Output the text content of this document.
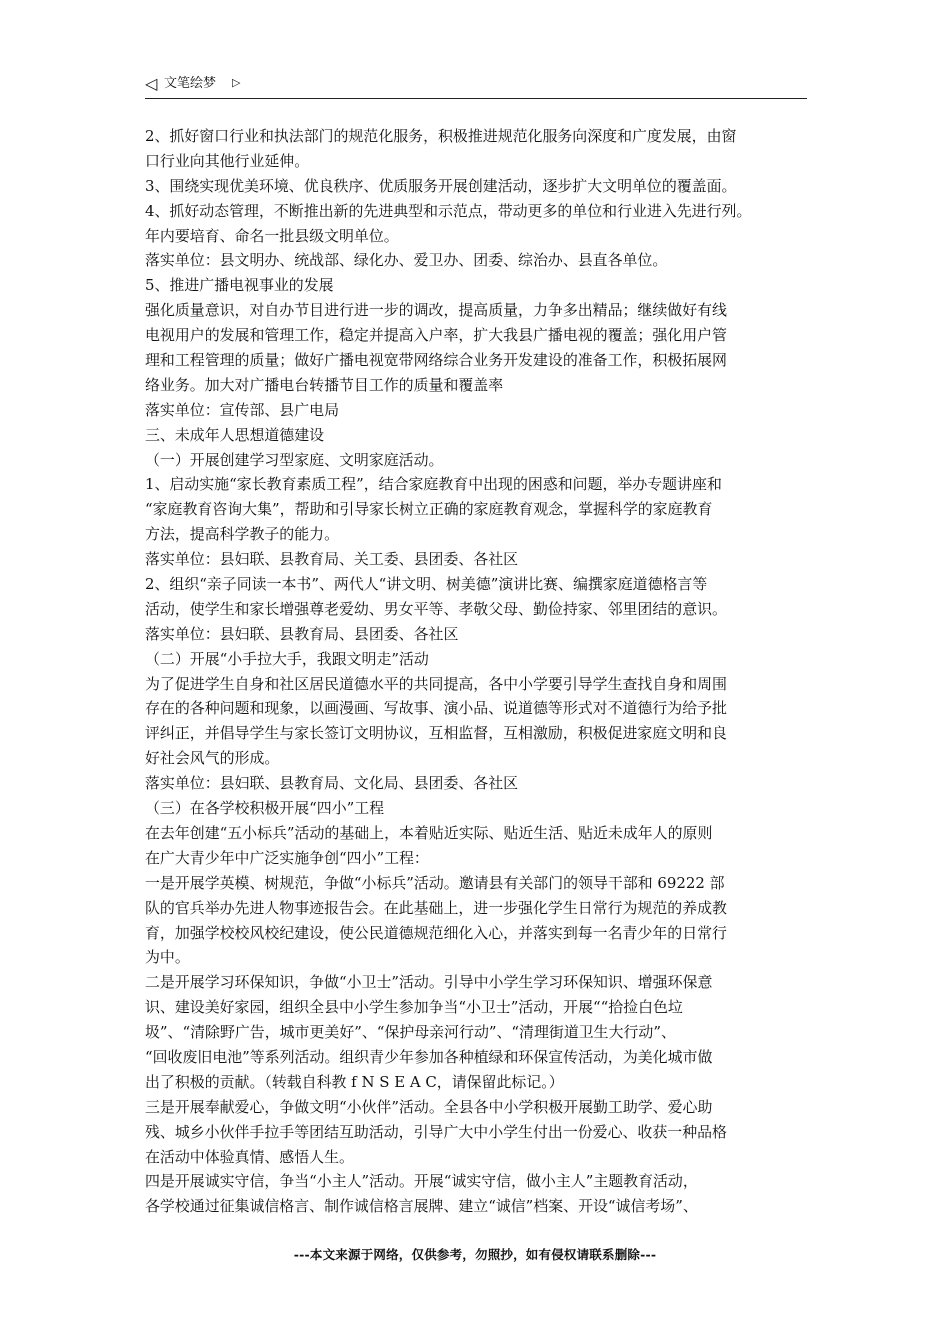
◁ 文笔绘梦 ▷
2、抓好窗口行业和执法部门的规范化服务，积极推进规范化服务向深度和广度发展，由窗
口行业向其他行业延伸。
3、围绕实现优美环境、优良秩序、优质服务开展创建活动，逐步扩大文明单位的覆盖面。
4、抓好动态管理，不断推出新的先进典型和示范点，带动更多的单位和行业进入先进行列。
年内要培育、命名一批县级文明单位。
落实单位：县文明办、统战部、绿化办、爱卫办、团委、综治办、县直各单位。
5、推进广播电视事业的发展
强化质量意识，对自办节目进行进一步的调改，提高质量，力争多出精品；继续做好有线
电视用户的发展和管理工作，稳定并提高入户率，扩大我县广播电视的覆盖；强化用户管
理和工程管理的质量；做好广播电视宽带网络综合业务开发建设的准备工作，积极拓展网
络业务。加大对广播电台转播节目工作的质量和覆盖率
落实单位：宣传部、县广电局
三、未成年人思想道德建设
（一）开展创建学习型家庭、文明家庭活动。
1、启动实施“家长教育素质工程”，结合家庭教育中出现的困惑和问题，举办专题讲座和
“家庭教育咨询大集”，帮助和引导家长树立正确的家庭教育观念，掌握科学的家庭教育
方法，提高科学教子的能力。
落实单位：县妇联、县教育局、关工委、县团委、各社区
2、组织“亲子同读一本书”、两代人“讲文明、树美德”演讲比赛、编撰家庭道德格言等
活动，使学生和家长增强尊老爱幼、男女平等、孝敬父母、勤俭持家、邻里团结的意识。
落实单位：县妇联、县教育局、县团委、各社区
（二）开展“小手拉大手，我跟文明走”活动
为了促进学生自身和社区居民道德水平的共同提高，各中小学要引导学生查找自身和周围
存在的各种问题和现象，以画漫画、写故事、演小品、说道德等形式对不道德行为给予批
评纠正，并倡导学生与家长签订文明协议，互相监督，互相激励，积极促进家庭文明和良
好社会风气的形成。
落实单位：县妇联、县教育局、文化局、县团委、各社区
（三）在各学校积极开展“四小”工程
在去年创建“五小标兵”活动的基础上，本着贴近实际、贴近生活、贴近未成年人的原则
在广大青少年中广泛实施争创“四小”工程：
一是开展学英模、树规范，争做“小标兵”活动。邀请县有关部门的领导干部和 69222 部
队的官兵举办先进人物事迹报告会。在此基础上，进一步强化学生日常行为规范的养成教
育，加强学校校风校纪建设，使公民道德规范细化入心，并落实到每一名青少年的日常行
为中。
二是开展学习环保知识，争做“小卫士”活动。引导中小学生学习环保知识、增强环保意
识、建设美好家园，组织全县中小学生参加争当“小卫士”活动，开展““拾捡白色垃
圾”、“清除野广告，城市更美好”、“保护母亲河行动”、“清理街道卫生大行动”、
“回收废旧电池”等系列活动。组织青少年参加各种植绿和环保宣传活动，为美化城市做
出了积极的贡献。（转载自科教 f N S E A C，请保留此标记。）
三是开展奉献爱心，争做文明“小伙伴”活动。全县各中小学积极开展勤工助学、爱心助
残、城乡小伙伴手拉手等团结互助活动，引导广大中小学生付出一份爱心、收获一种品格
在活动中体验真情、感悟人生。
四是开展诚实守信，争当“小主人”活动。开展“诚实守信，做小主人”主题教育活动，
各学校通过征集诚信格言、制作诚信格言展牌、建立“诚信”档案、开设“诚信考场”、
---本文来源于网络，仅供参考，勿照抄，如有侵权请联系删除---
